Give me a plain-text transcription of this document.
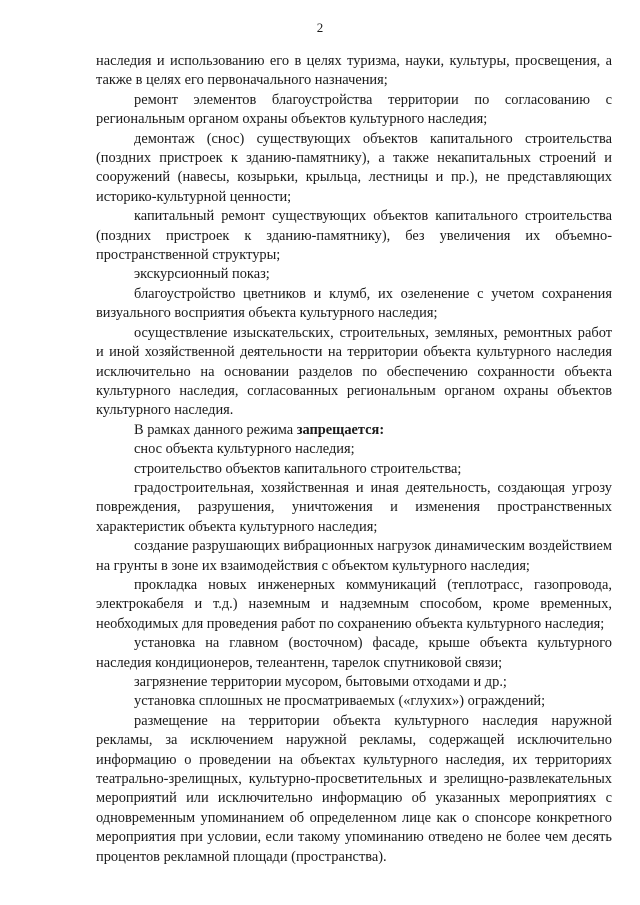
2

наследия и использованию его в целях туризма, науки, культуры, просвещения, а также в целях его первоначального назначения;

ремонт элементов благоустройства территории по согласованию с региональным органом охраны объектов культурного наследия;

демонтаж (снос) существующих объектов капитального строительства (поздних пристроек к зданию-памятнику), а также некапитальных строений и сооружений (навесы, козырьки, крыльца, лестницы и пр.), не представляющих историко-культурной ценности;

капитальный ремонт существующих объектов капитального строительства (поздних пристроек к зданию-памятнику), без увеличения их объемно-пространственной структуры;

экскурсионный показ;

благоустройство цветников и клумб, их озеленение с учетом сохранения визуального восприятия объекта культурного наследия;

осуществление изыскательских, строительных, земляных, ремонтных работ и иной хозяйственной деятельности на территории объекта культурного наследия исключительно на основании разделов по обеспечению сохранности объекта культурного наследия, согласованных региональным органом охраны объектов культурного наследия.

В рамках данного режима запрещается:

снос объекта культурного наследия;

строительство объектов капитального строительства;

градостроительная, хозяйственная и иная деятельность, создающая угрозу повреждения, разрушения, уничтожения и изменения пространственных характеристик объекта культурного наследия;

создание разрушающих вибрационных нагрузок динамическим воздействием на грунты в зоне их взаимодействия с объектом культурного наследия;

прокладка новых инженерных коммуникаций (теплотрасс, газопровода, электрокабеля и т.д.) наземным и надземным способом, кроме временных, необходимых для проведения работ по сохранению объекта культурного наследия;

установка на главном (восточном) фасаде, крыше объекта культурного наследия кондиционеров, телеантенн, тарелок спутниковой связи;

загрязнение территории мусором, бытовыми отходами и др.;

установка сплошных не просматриваемых («глухих») ограждений;

размещение на территории объекта культурного наследия наружной рекламы, за исключением наружной рекламы, содержащей исключительно информацию о проведении на объектах культурного наследия, их территориях театрально-зрелищных, культурно-просветительных и зрелищно-развлекательных мероприятий или исключительно информацию об указанных мероприятиях с одновременным упоминанием об определенном лице как о спонсоре конкретного мероприятия при условии, если такому упоминанию отведено не более чем десять процентов рекламной площади (пространства).
